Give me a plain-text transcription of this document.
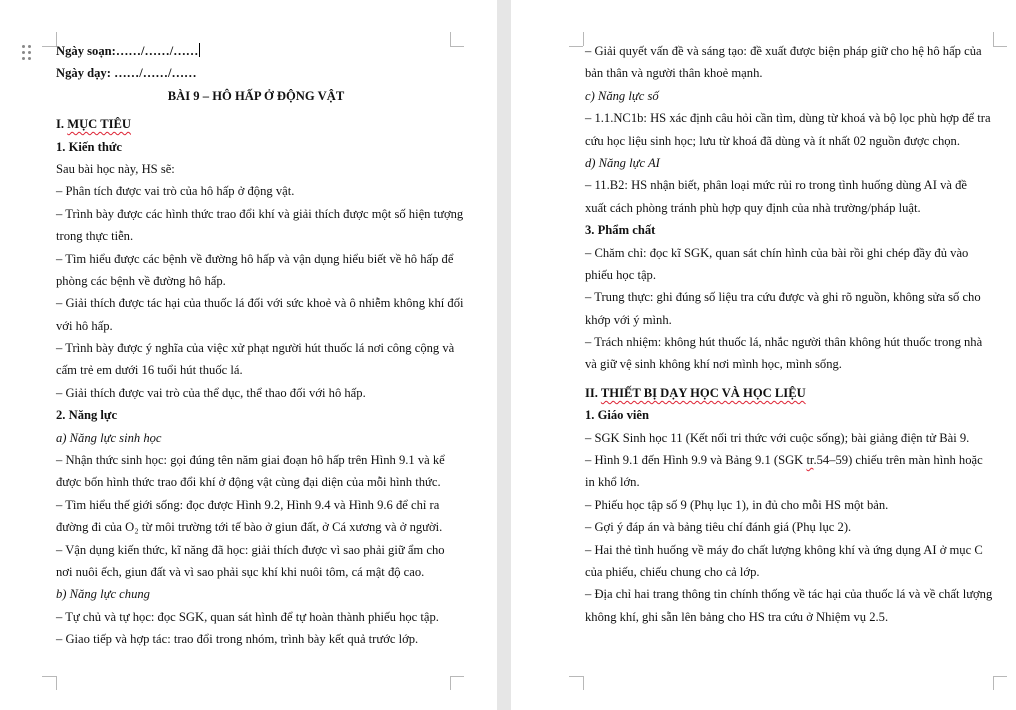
Ngày soạn:……/……/……
Ngày dạy: ……/……/……
BÀI 9 – HÔ HẤP Ở ĐỘNG VẬT
I. MỤC TIÊU
1. Kiến thức
Sau bài học này, HS sẽ:
– Phân tích được vai trò của hô hấp ở động vật.
– Trình bày được các hình thức trao đổi khí và giải thích được một số hiện tượng
trong thực tiễn.
– Tìm hiểu được các bệnh về đường hô hấp và vận dụng hiểu biết về hô hấp để
phòng các bệnh về đường hô hấp.
– Giải thích được tác hại của thuốc lá đối với sức khoẻ và ô nhiễm không khí đối
với hô hấp.
– Trình bày được ý nghĩa của việc xử phạt người hút thuốc lá nơi công cộng và
cấm trẻ em dưới 16 tuổi hút thuốc lá.
– Giải thích được vai trò của thể dục, thể thao đối với hô hấp.
2. Năng lực
a) Năng lực sinh học
– Nhận thức sinh học: gọi đúng tên năm giai đoạn hô hấp trên Hình 9.1 và kể
được bốn hình thức trao đổi khí ở động vật cùng đại diện của mỗi hình thức.
– Tìm hiểu thế giới sống: đọc được Hình 9.2, Hình 9.4 và Hình 9.6 để chỉ ra
đường đi của O₂ từ môi trường tới tế bào ở giun đất, ở Cá xương và ở người.
– Vận dụng kiến thức, kĩ năng đã học: giải thích được vì sao phải giữ ẩm cho
nơi nuôi ếch, giun đất và vì sao phải sục khí khi nuôi tôm, cá mật độ cao.
b) Năng lực chung
– Tự chủ và tự học: đọc SGK, quan sát hình để tự hoàn thành phiếu học tập.
– Giao tiếp và hợp tác: trao đổi trong nhóm, trình bày kết quả trước lớp.
– Giải quyết vấn đề và sáng tạo: đề xuất được biện pháp giữ cho hệ hô hấp của
bản thân và người thân khoẻ mạnh.
c) Năng lực số
– 1.1.NC1b: HS xác định câu hỏi cần tìm, dùng từ khoá và bộ lọc phù hợp để tra
cứu học liệu sinh học; lưu từ khoá đã dùng và ít nhất 02 nguồn được chọn.
d) Năng lực AI
– 11.B2: HS nhận biết, phân loại mức rủi ro trong tình huống dùng AI và đề
xuất cách phòng tránh phù hợp quy định của nhà trường/pháp luật.
3. Phẩm chất
– Chăm chỉ: đọc kĩ SGK, quan sát chín hình của bài rồi ghi chép đầy đủ vào
phiếu học tập.
– Trung thực: ghi đúng số liệu tra cứu được và ghi rõ nguồn, không sửa số cho
khớp với ý mình.
– Trách nhiệm: không hút thuốc lá, nhắc người thân không hút thuốc trong nhà
và giữ vệ sinh không khí nơi mình học, mình sống.
II. THIẾT BỊ DẠY HỌC VÀ HỌC LIỆU
1. Giáo viên
– SGK Sinh học 11 (Kết nối tri thức với cuộc sống); bài giảng điện tử Bài 9.
– Hình 9.1 đến Hình 9.9 và Bảng 9.1 (SGK tr.54–59) chiếu trên màn hình hoặc
in khổ lớn.
– Phiếu học tập số 9 (Phụ lục 1), in đủ cho mỗi HS một bản.
– Gợi ý đáp án và bảng tiêu chí đánh giá (Phụ lục 2).
– Hai thẻ tình huống về máy đo chất lượng không khí và ứng dụng AI ở mục C
của phiếu, chiếu chung cho cả lớp.
– Địa chỉ hai trang thông tin chính thống về tác hại của thuốc lá và về chất lượng
không khí, ghi sẵn lên bảng cho HS tra cứu ở Nhiệm vụ 2.5.
